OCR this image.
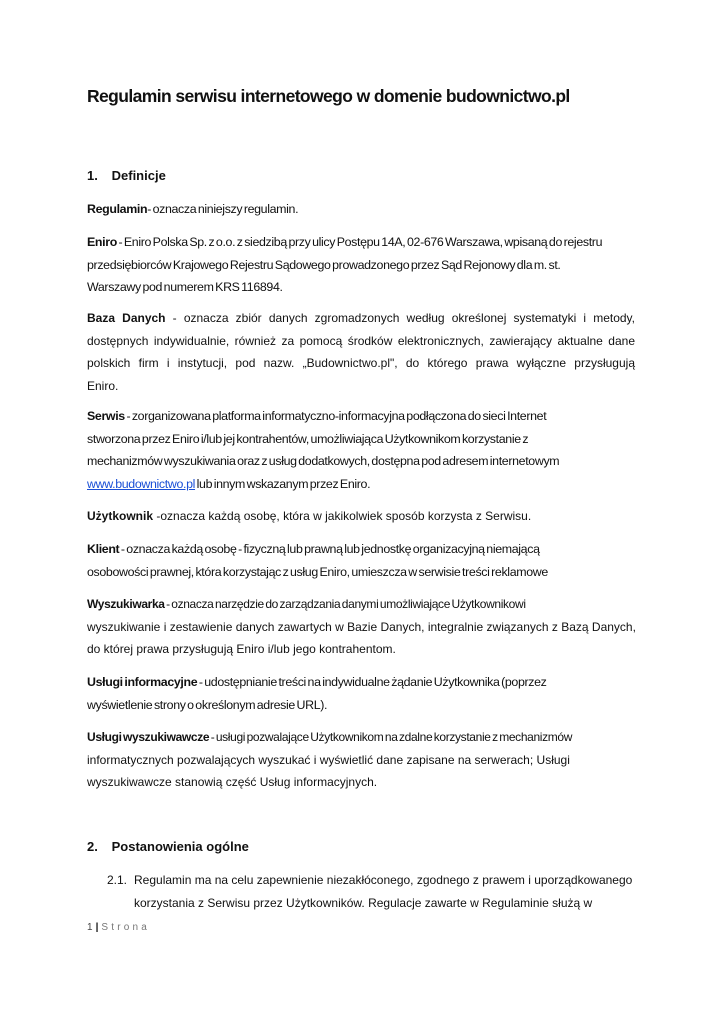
Regulamin serwisu internetowego w domenie budownictwo.pl
1. Definicje
Regulamin- oznacza niniejszy regulamin.
Eniro - Eniro Polska Sp. z o.o. z siedzibą przy ulicy Postępu 14A, 02-676 Warszawa, wpisaną do rejestru
przedsiębiorców Krajowego Rejestru Sądowego prowadzonego przez Sąd Rejonowy dla m. st.
Warszawy pod numerem KRS 116894.
Baza Danych - oznacza zbiór danych zgromadzonych według określonej systematyki i metody,
dostępnych indywidualnie, również za pomocą środków elektronicznych, zawierający aktualne dane
polskich firm i instytucji, pod nazw. „Budownictwo.pl", do którego prawa wyłączne przysługują
Eniro.
Serwis - zorganizowana platforma informatyczno-informacyjna podłączona do sieci Internet
stworzona przez Eniro i/lub jej kontrahentów, umożliwiająca Użytkownikom korzystanie z
mechanizmów wyszukiwania oraz z usług dodatkowych, dostępna pod adresem internetowym
www.budownictwo.pl lub innym wskazanym przez Eniro.
Użytkownik -oznacza każdą osobę, która w jakikolwiek sposób korzysta z Serwisu.
Klient - oznacza każdą osobę - fizyczną lub prawną lub jednostkę organizacyjną niemającą
osobowości prawnej, która korzystając z usług Eniro, umieszcza w serwisie treści reklamowe
Wyszukiwarka - oznacza narzędzie do zarządzania danymi umożliwiające Użytkownikowi
wyszukiwanie i zestawienie danych zawartych w Bazie Danych, integralnie związanych z Bazą Danych,
do której prawa przysługują Eniro i/lub jego kontrahentom.
Usługi informacyjne - udostępnianie treści na indywidualne żądanie Użytkownika (poprzez
wyświetlenie strony o określonym adresie URL).
Usługi wyszukiwawcze - usługi pozwalające Użytkownikom na zdalne korzystanie z mechanizmów
informatycznych pozwalających wyszukać i wyświetlić dane zapisane na serwerach; Usługi
wyszukiwawcze stanowią część Usług informacyjnych.
2. Postanowienia ogólne
2.1. Regulamin ma na celu zapewnienie niezakłóconego, zgodnego z prawem i uporządkowanego
korzystania z Serwisu przez Użytkowników. Regulacje zawarte w Regulaminie służą w
1 | Strona
